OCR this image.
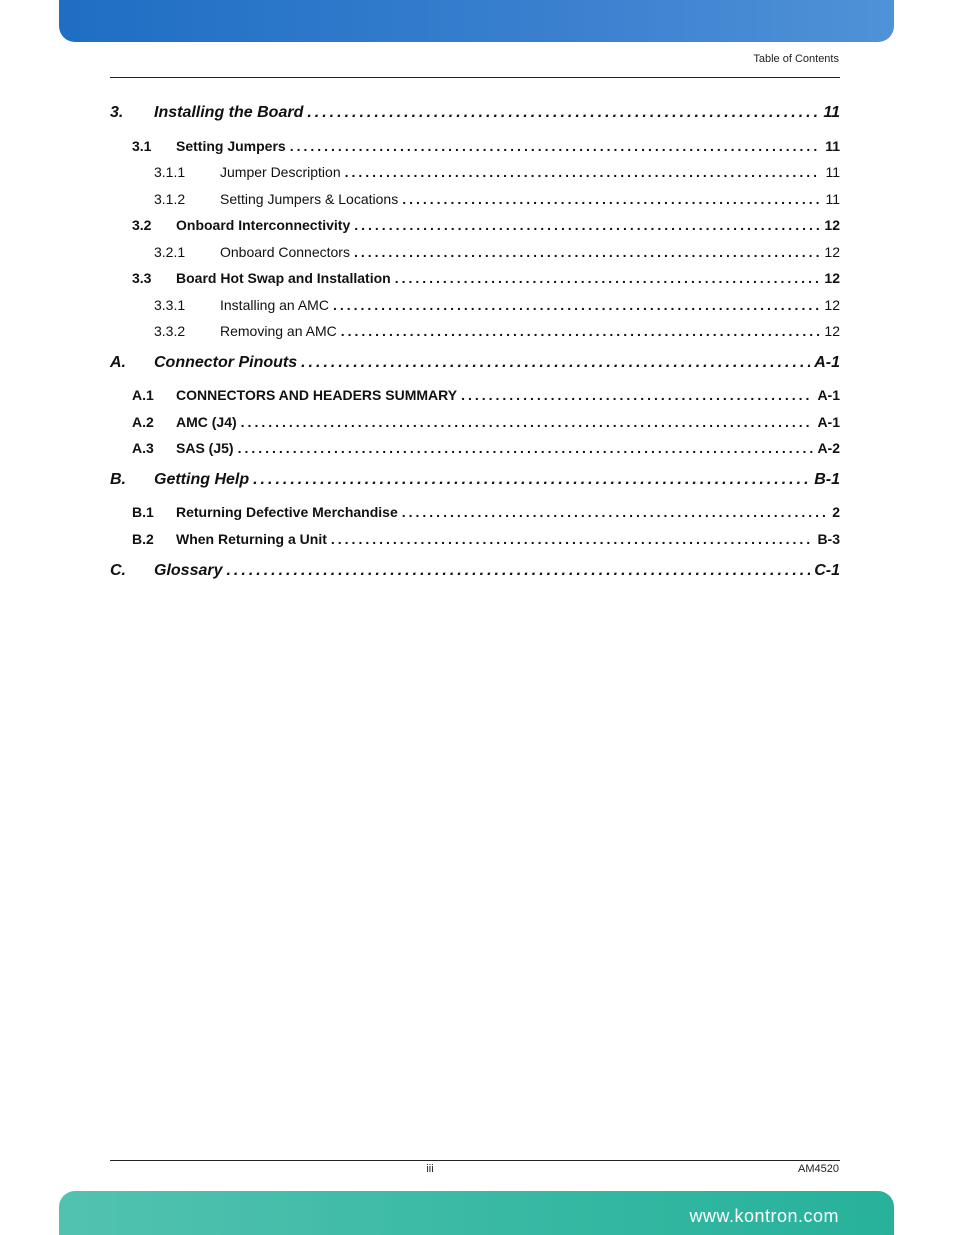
Table of Contents
3.	Installing the Board .....	11
3.1	Setting Jumpers .....	11
3.1.1	Jumper Description .....	11
3.1.2	Setting Jumpers & Locations .....	11
3.2	Onboard Interconnectivity .....	12
3.2.1	Onboard Connectors .....	12
3.3	Board Hot Swap and Installation .....	12
3.3.1	Installing an AMC .....	12
3.3.2	Removing an AMC .....	12
A.	Connector Pinouts .....	A-1
A.1	CONNECTORS AND HEADERS SUMMARY .....	A-1
A.2	AMC (J4) .....	A-1
A.3	SAS (J5) .....	A-2
B.	Getting Help .....	B-1
B.1	Returning Defective Merchandise .....	2
B.2	When Returning a Unit .....	B-3
C.	Glossary .....	C-1
iii	AM4520
www.kontron.com
